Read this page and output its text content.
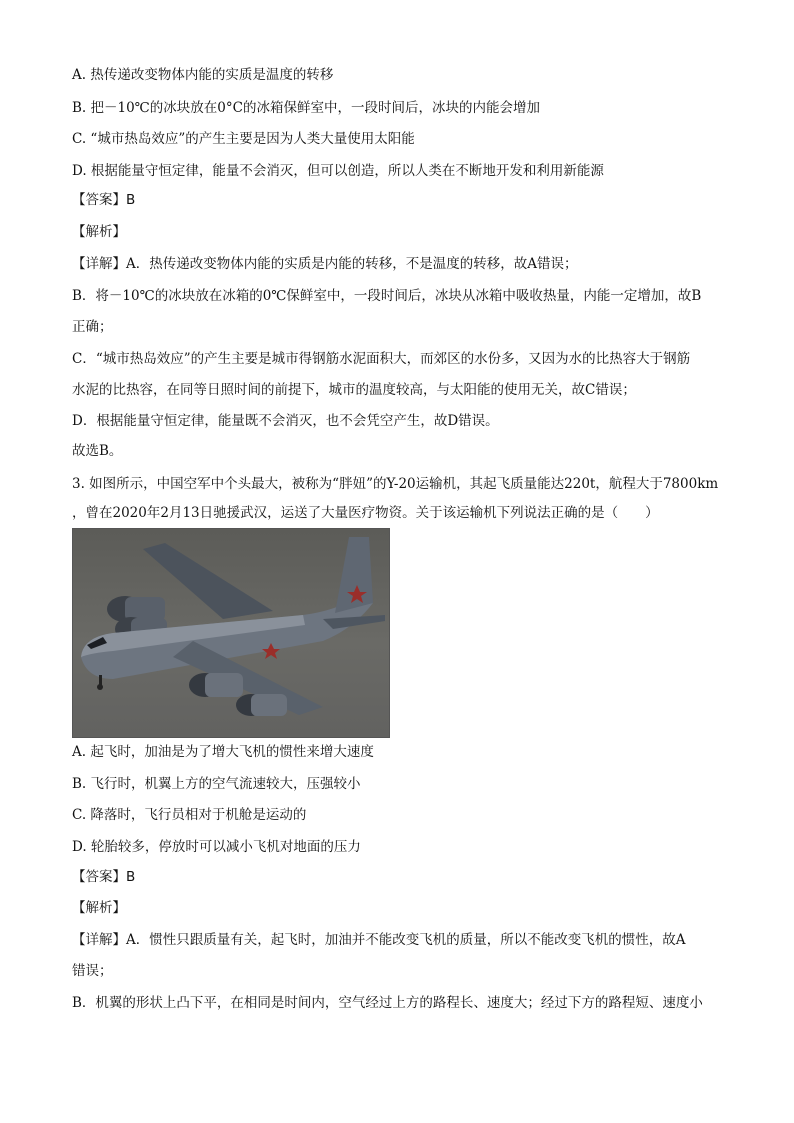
A. 热传递改变物体内能的实质是温度的转移
B. 把－10℃的冰块放在0°C的冰箱保鲜室中，一段时间后，冰块的内能会增加
C. “城市热岛效应”的产生主要是因为人类大量使用太阳能
D. 根据能量守恒定律，能量不会消灭，但可以创造，所以人类在不断地开发和利用新能源
【答案】B
【解析】
【详解】A．热传递改变物体内能的实质是内能的转移，不是温度的转移，故A错误；
B．将－10℃的冰块放在冰箱的0℃保鲜室中，一段时间后，冰块从冰箱中吸收热量，内能一定增加，故B
正确；
C．“城市热岛效应”的产生主要是城市得钢筋水泥面积大，而郊区的水份多，又因为水的比热容大于钢筋
水泥的比热容，在同等日照时间的前提下，城市的温度较高，与太阳能的使用无关，故C错误；
D．根据能量守恒定律，能量既不会消灭，也不会凭空产生，故D错误。
故选B。
3. 如图所示，中国空军中个头最大，被称为“胖妞”的Y-20运输机，其起飞质量能达220t，航程大于7800km
，曾在2020年2月13日驰援武汉，运送了大量医疗物资。关于该运输机下列说法正确的是（　　）
A. 起飞时，加油是为了增大飞机的惯性来增大速度
B. 飞行时，机翼上方的空气流速较大，压强较小
C. 降落时，飞行员相对于机舱是运动的
D. 轮胎较多，停放时可以减小飞机对地面的压力
【答案】B
【解析】
【详解】A．惯性只跟质量有关，起飞时，加油并不能改变飞机的质量，所以不能改变飞机的惯性，故A
错误；
B．机翼的形状上凸下平，在相同是时间内，空气经过上方的路程长、速度大；经过下方的路程短、速度小
